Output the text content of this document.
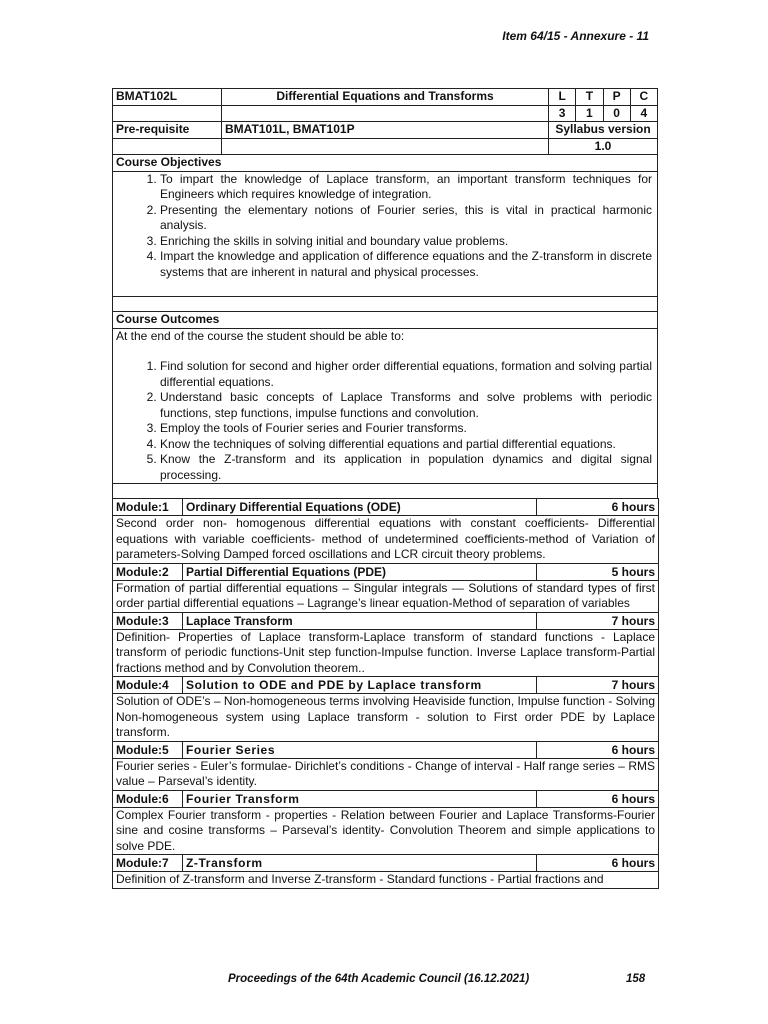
Item 64/15 - Annexure - 11
BMAT102L	Differential Equations and Transforms	L	T	P	C
		3	1	0	4
Pre-requisite	BMAT101L, BMAT101P	Syllabus version			
		1.0			
Course Objectives

1. To impart the knowledge of Laplace transform, an important transform techniques for Engineers which requires knowledge of integration.
2. Presenting the elementary notions of Fourier series, this is vital in practical harmonic analysis.
3. Enriching the skills in solving initial and boundary value problems.
4. Impart the knowledge and application of difference equations and the Z-transform in discrete systems that are inherent in natural and physical processes.

Course Outcomes

At the end of the course the student should be able to:
1. Find solution for second and higher order differential equations, formation and solving partial differential equations.
2. Understand basic concepts of Laplace Transforms and solve problems with periodic functions, step functions, impulse functions and convolution.
3. Employ the tools of Fourier series and Fourier transforms.
4. Know the techniques of solving differential equations and partial differential equations.
5. Know the Z-transform and its application in population dynamics and digital signal processing.

Module:1	Ordinary Differential Equations (ODE)	6 hours
Second order non- homogenous differential equations with constant coefficients- Differential equations with variable coefficients- method of undetermined coefficients-method of Variation of parameters-Solving Damped forced oscillations and LCR circuit theory problems.		
Module:2	Partial Differential Equations (PDE)	5 hours
Formation of partial differential equations – Singular integrals — Solutions of standard types of first order partial differential equations – Lagrange’s linear equation-Method of separation of variables		
Module:3	Laplace Transform	7 hours
Definition- Properties of Laplace transform-Laplace transform of standard functions - Laplace transform of periodic functions-Unit step function-Impulse function. Inverse Laplace transform-Partial fractions method and by Convolution theorem..		
Module:4	Solution to ODE and PDE by Laplace transform	7 hours
Solution of ODE’s – Non-homogeneous terms involving Heaviside function, Impulse function - Solving Non-homogeneous system using Laplace transform - solution to First order PDE by Laplace transform.		
Module:5	Fourier Series	6 hours
Fourier series - Euler’s formulae- Dirichlet’s conditions - Change of interval - Half range series – RMS value – Parseval’s identity.		
Module:6	Fourier Transform	6 hours
Complex Fourier transform - properties - Relation between Fourier and Laplace Transforms-Fourier sine and cosine transforms – Parseval’s identity- Convolution Theorem and simple applications to solve PDE.		
Module:7	Z-Transform	6 hours
Definition of Z-transform and Inverse Z-transform - Standard functions - Partial fractions and		
Proceedings of the 64th Academic Council (16.12.2021)	158
